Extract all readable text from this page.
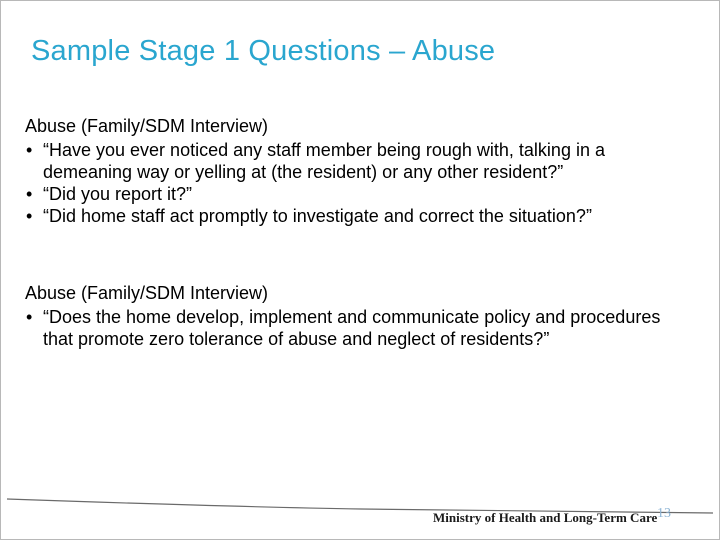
Sample Stage 1 Questions – Abuse
Abuse (Family/SDM Interview)
• “Have you ever noticed any staff member being rough with, talking in a demeaning way or yelling at (the resident) or any other resident?”
• “Did you report it?”
• “Did home staff act promptly to investigate and correct the situation?”
Abuse (Family/SDM Interview)
• “Does the home develop, implement and communicate policy and procedures that promote zero tolerance of abuse and neglect of residents?”
Ministry of Health and Long-Term Care 13
